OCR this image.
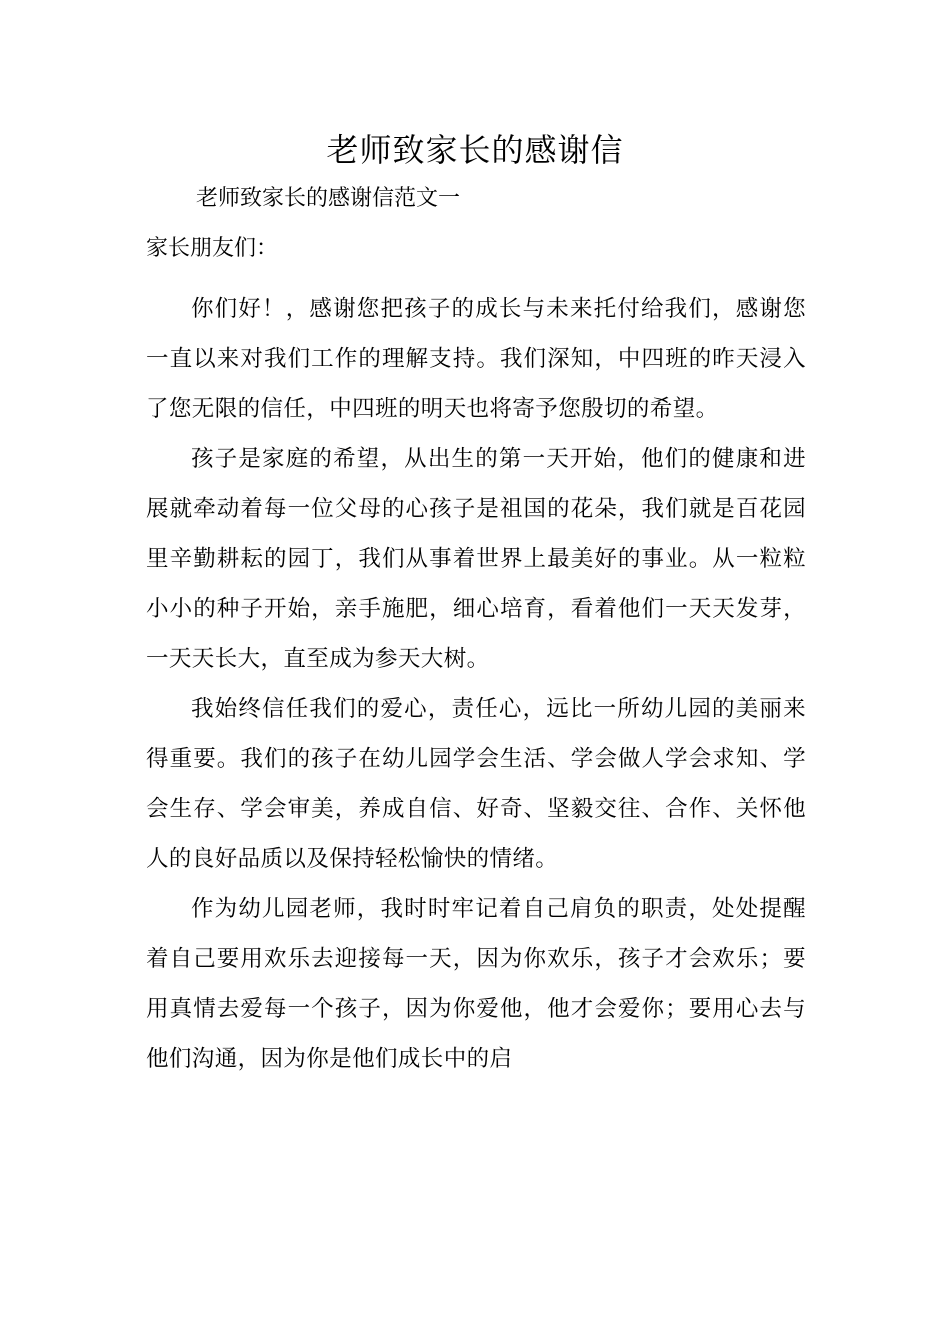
老师致家长的感谢信

老师致家长的感谢信范文一

家长朋友们：

你们好！，感谢您把孩子的成长与未来托付给我们，感谢您一直以来对我们工作的理解支持。我们深知，中四班的昨天浸入了您无限的信任，中四班的明天也将寄予您殷切的希望。

孩子是家庭的希望，从出生的第一天开始，他们的健康和进展就牵动着每一位父母的心孩子是祖国的花朵，我们就是百花园里辛勤耕耘的园丁，我们从事着世界上最美好的事业。从一粒粒小小的种子开始，亲手施肥，细心培育，看着他们一天天发芽，一天天长大，直至成为参天大树。

我始终信任我们的爱心，责任心，远比一所幼儿园的美丽来得重要。我们的孩子在幼儿园学会生活、学会做人学会求知、学会生存、学会审美，养成自信、好奇、坚毅交往、合作、关怀他人的良好品质以及保持轻松愉快的情绪。

作为幼儿园老师，我时时牢记着自己肩负的职责，处处提醒着自己要用欢乐去迎接每一天，因为你欢乐，孩子才会欢乐；要用真情去爱每一个孩子，因为你爱他，他才会爱你；要用心去与他们沟通，因为你是他们成长中的启
